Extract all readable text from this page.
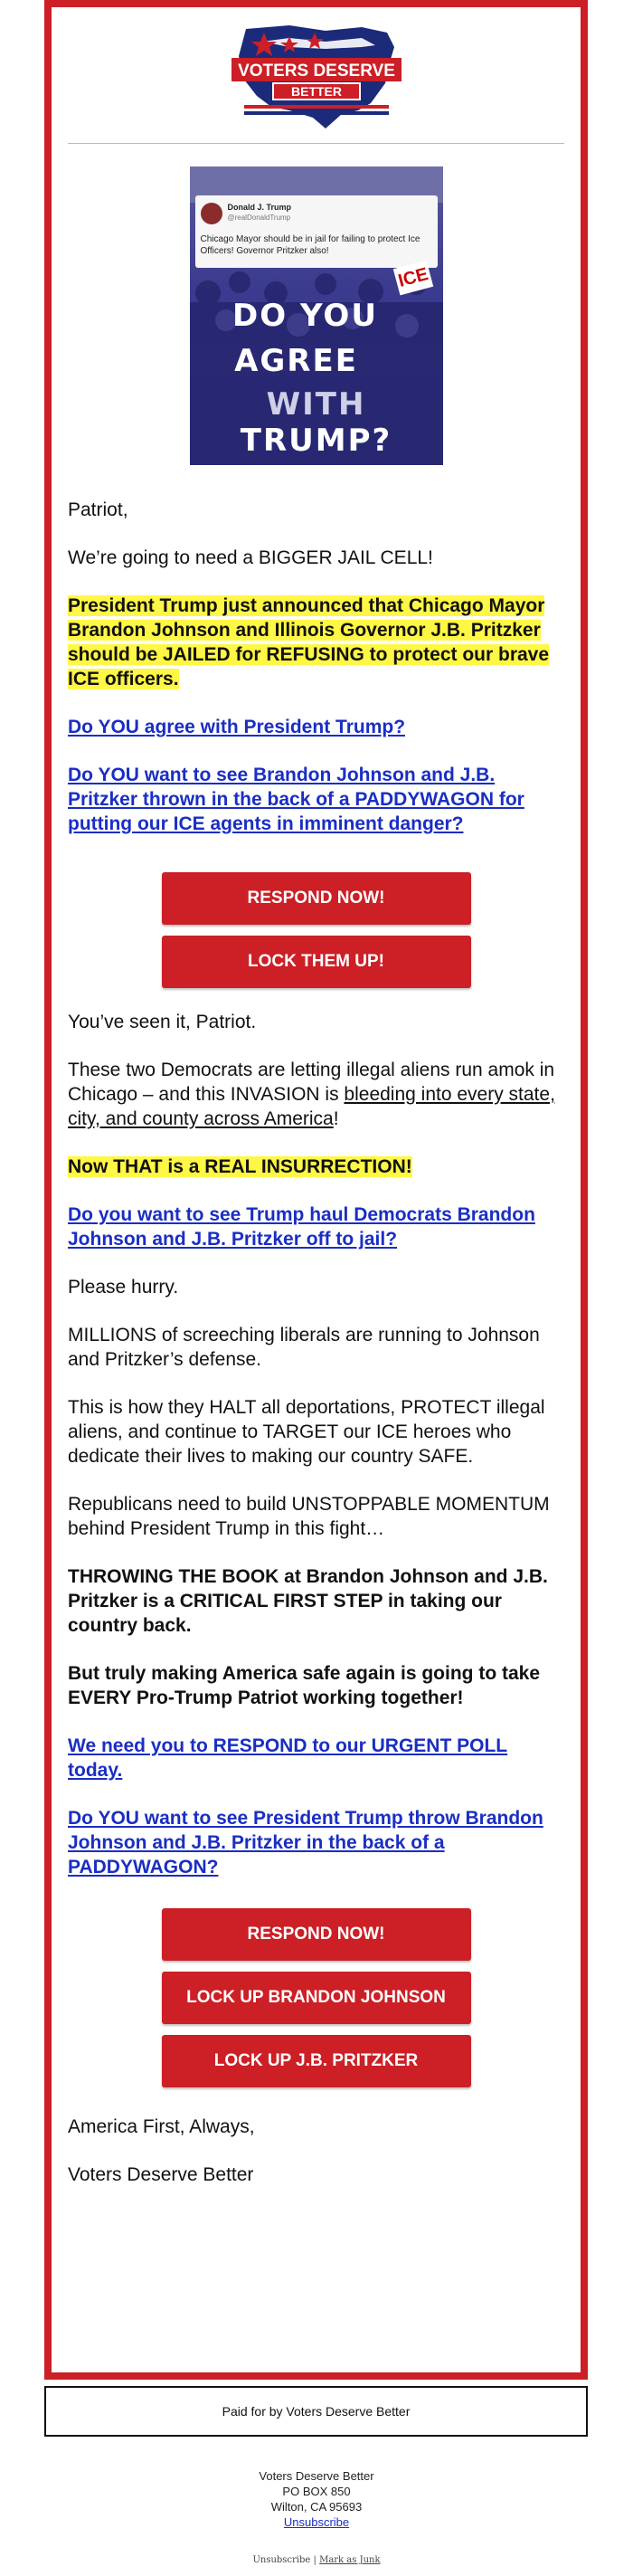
VOTERS DESERVE
BETTER
Donald J. Trump
@realDonaldTrump
Chicago Mayor should be in jail for failing to protect Ice Officers! Governor Pritzker also!
ICE
DO YOU
AGREE
WITH TRUMP?

Patriot,

We’re going to need a BIGGER JAIL CELL!

President Trump just announced that Chicago Mayor Brandon Johnson and Illinois Governor J.B. Pritzker should be JAILED for REFUSING to protect our brave ICE officers.

Do YOU agree with President Trump?

Do YOU want to see Brandon Johnson and J.B. Pritzker thrown in the back of a PADDYWAGON for putting our ICE agents in imminent danger?

RESPOND NOW!
LOCK THEM UP!

You’ve seen it, Patriot.

These two Democrats are letting illegal aliens run amok in Chicago – and this INVASION is bleeding into every state, city, and county across America!

Now THAT is a REAL INSURRECTION!

Do you want to see Trump haul Democrats Brandon Johnson and J.B. Pritzker off to jail?

Please hurry.

MILLIONS of screeching liberals are running to Johnson and Pritzker’s defense.

This is how they HALT all deportations, PROTECT illegal aliens, and continue to TARGET our ICE heroes who dedicate their lives to making our country SAFE.

Republicans need to build UNSTOPPABLE MOMENTUM behind President Trump in this fight…

THROWING THE BOOK at Brandon Johnson and J.B. Pritzker is a CRITICAL FIRST STEP in taking our country back.

But truly making America safe again is going to take EVERY Pro-Trump Patriot working together!

We need you to RESPOND to our URGENT POLL today.

Do YOU want to see President Trump throw Brandon Johnson and J.B. Pritzker in the back of a PADDYWAGON?

RESPOND NOW!
LOCK UP BRANDON JOHNSON
LOCK UP J.B. PRITZKER

America First, Always,

Voters Deserve Better

Paid for by Voters Deserve Better
Voters Deserve Better
PO BOX 850
Wilton, CA 95693
Unsubscribe
Unsubscribe | Mark as Junk
